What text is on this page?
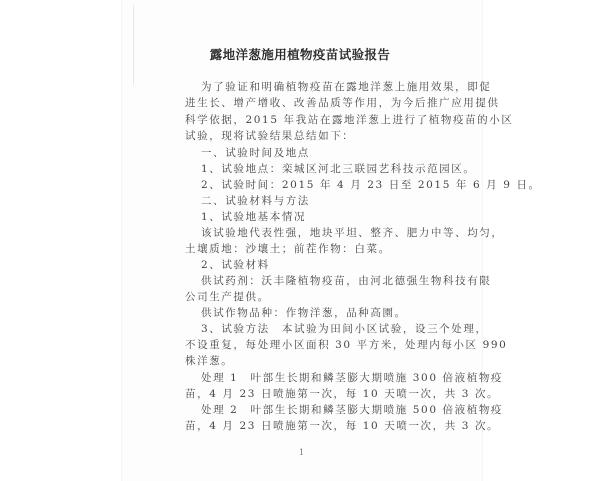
露地洋葱施用植物疫苗试验报告
为了验证和明确植物疫苗在露地洋葱上施用效果，即促
进生长、增产增收、改善品质等作用，为今后推广应用提供
科学依据，2015 年我站在露地洋葱上进行了植物疫苗的小区
试验，现将试验结果总结如下：
一、试验时间及地点
1、试验地点：栾城区河北三联园艺科技示范园区。
2、试验时间：2015 年 4 月 23 日至 2015 年 6 月 9 日。
二、试验材料与方法
1、试验地基本情况
该试验地代表性强，地块平坦、整齐、肥力中等、均匀，
土壤质地：沙壤土；前茬作物：白菜。
2、试验材料
供试药剂：沃丰隆植物疫苗，由河北德强生物科技有限
公司生产提供。
供试作物品种：作物洋葱，品种高園。
3、试验方法　本试验为田间小区试验，设三个处理，
不设重复，每处理小区面积 30 平方米，处理内每小区 990
株洋葱。
处理 1　叶部生长期和鳞茎膨大期喷施 300 倍液植物疫
苗，4 月 23 日喷施第一次，每 10 天喷一次，共 3 次。
处理 2　叶部生长期和鳞茎膨大期喷施 500 倍液植物疫
苗，4 月 23 日喷施第一次，每 10 天喷一次，共 3 次。
1
